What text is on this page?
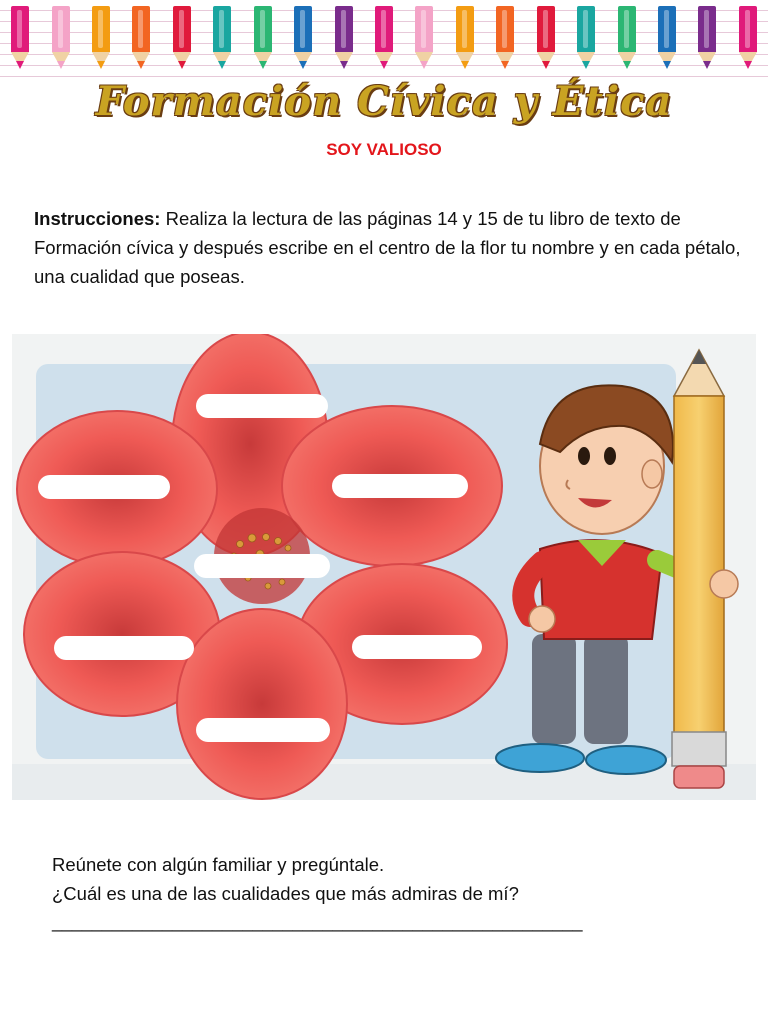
Formación Cívica y Ética
SOY VALIOSO
Instrucciones: Realiza la lectura de las páginas 14 y 15 de tu libro de texto de Formación cívica y después escribe en el centro de la flor tu nombre y en cada pétalo, una cualidad que poseas.
Reúnete con algún familiar y pregúntale.
¿Cuál es una de las cualidades que más admiras de mí?
_____________________________________________________
